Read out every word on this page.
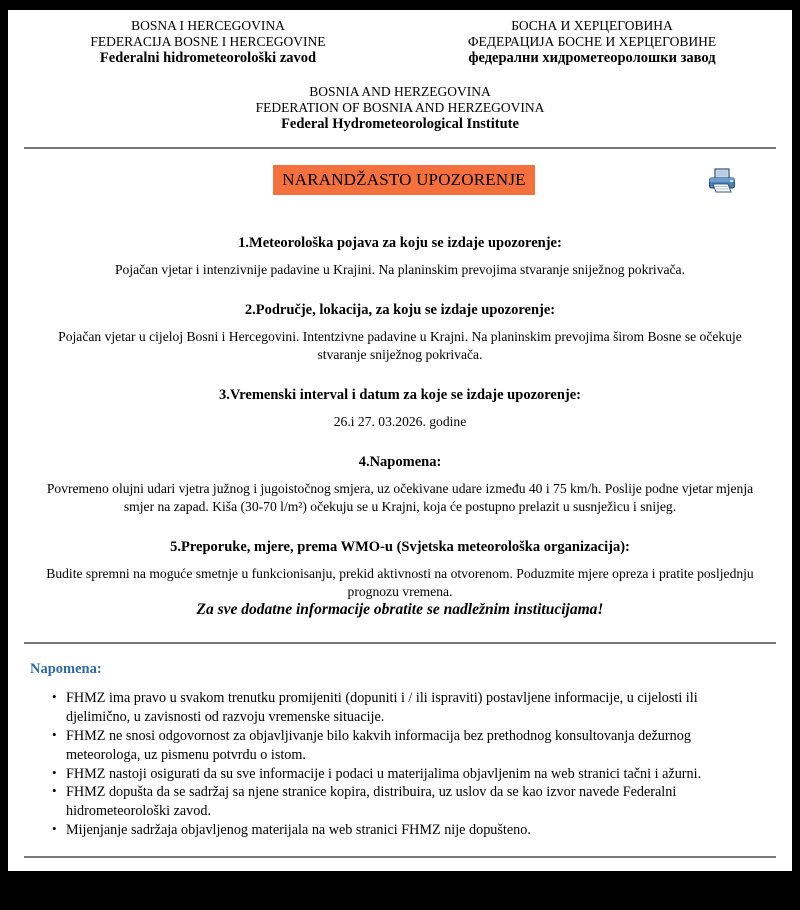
BOSNA I HERCEGOVINA
FEDERACIJA BOSNE I HERCEGOVINE
Federalni hidrometeorološki zavod
БОСНА И ХЕРЦЕГОВИНА
ФЕДЕРАЦИЈА БОСНЕ И ХЕРЦЕГОВИНЕ
федерални хидрометеоролошки завод
BOSNIA AND HERZEGOVINA
FEDERATION OF BOSNIA AND HERZEGOVINA
Federal Hydrometeorological Institute
NARANDŽASTO UPOZORENJE
1.Meteorološka pojava za koju se izdaje upozorenje:
Pojačan vjetar i intenzivnije padavine u Krajini. Na planinskim prevojima stvaranje sniježnog pokrivača.
2.Područje, lokacija, za koju se izdaje upozorenje:
Pojačan vjetar u cijeloj Bosni i Hercegovini. Intentzivne padavine u Krajni. Na planinskim prevojima širom Bosne se očekuje stvaranje sniježnog pokrivača.
3.Vremenski interval i datum za koje se izdaje upozorenje:
26.i 27. 03.2026. godine
4.Napomena:
Povremeno olujni udari vjetra južnog i jugoistočnog smjera, uz očekivane udare između 40 i 75 km/h. Poslije podne vjetar mjenja smjer na zapad. Kiša (30-70 l/m²) očekuju se u Krajni, koja će postupno prelazit u susnježicu i snijeg.
5.Preporuke, mjere, prema WMO-u (Svjetska meteorološka organizacija):
Budite spremni na moguće smetnje u funkcionisanju, prekid aktivnosti na otvorenom. Poduzmite mjere opreza i pratite posljednju prognozu vremena.
Za sve dodatne informacije obratite se nadležnim institucijama!
Napomena:
• FHMZ ima pravo u svakom trenutku promijeniti (dopuniti i / ili ispraviti) postavljene informacije, u cijelosti ili djelimično, u zavisnosti od razvoju vremenske situacije.
• FHMZ ne snosi odgovornost za objavljivanje bilo kakvih informacija bez prethodnog konsultovanja dežurnog meteorologa, uz pismenu potvrdu o istom.
• FHMZ nastoji osigurati da su sve informacije i podaci u materijalima objavljenim na web stranici tačni i ažurni.
• FHMZ dopušta da se sadržaj sa njene stranice kopira, distribuira, uz uslov da se kao izvor navede Federalni hidrometeorološki zavod.
• Mijenjanje sadržaja objavljenog materijala na web stranici FHMZ nije dopušteno.
Bardakčije broj 12., 71000 Sarajevo, tel:00387 33 276 700, fax: 033 276 701;
e-mail: fhmzbih@fhmzbih.gov.ba
